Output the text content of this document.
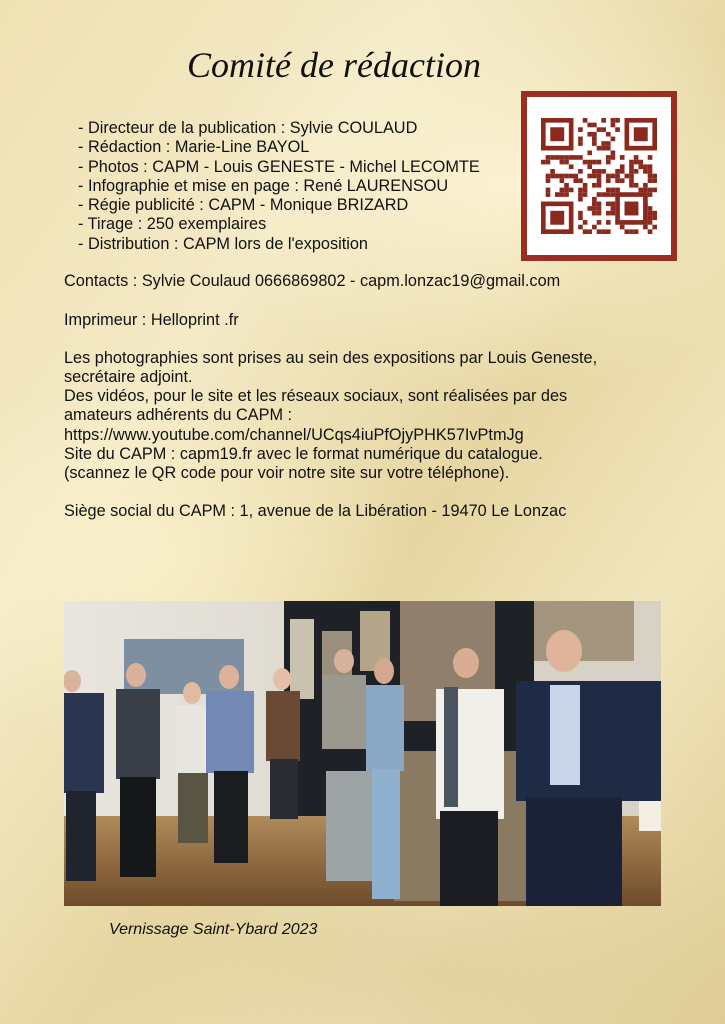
Comité de rédaction
- Directeur de la publication : Sylvie COULAUD
- Rédaction : Marie-Line BAYOL
- Photos : CAPM - Louis GENESTE - Michel LECOMTE
- Infographie et mise en page : René LAURENSOU
- Régie publicité : CAPM - Monique BRIZARD
- Tirage : 250 exemplaires
- Distribution : CAPM lors de l'exposition
Contacts : Sylvie Coulaud 0666869802 - capm.lonzac19@gmail.com
Imprimeur : Helloprint .fr
Les photographies sont prises au sein des expositions par Louis Geneste,
secrétaire adjoint.
Des vidéos, pour le site et les réseaux sociaux, sont réalisées par des
amateurs adhérents du CAPM :
https://www.youtube.com/channel/UCqs4iuPfOjyPHK57IvPtmJg
Site du CAPM : capm19.fr avec le format numérique du catalogue.
(scannez le QR code pour voir notre site sur votre téléphone).
Siège social du CAPM : 1, avenue de la Libération - 19470 Le Lonzac
Vernissage Saint-Ybard 2023
